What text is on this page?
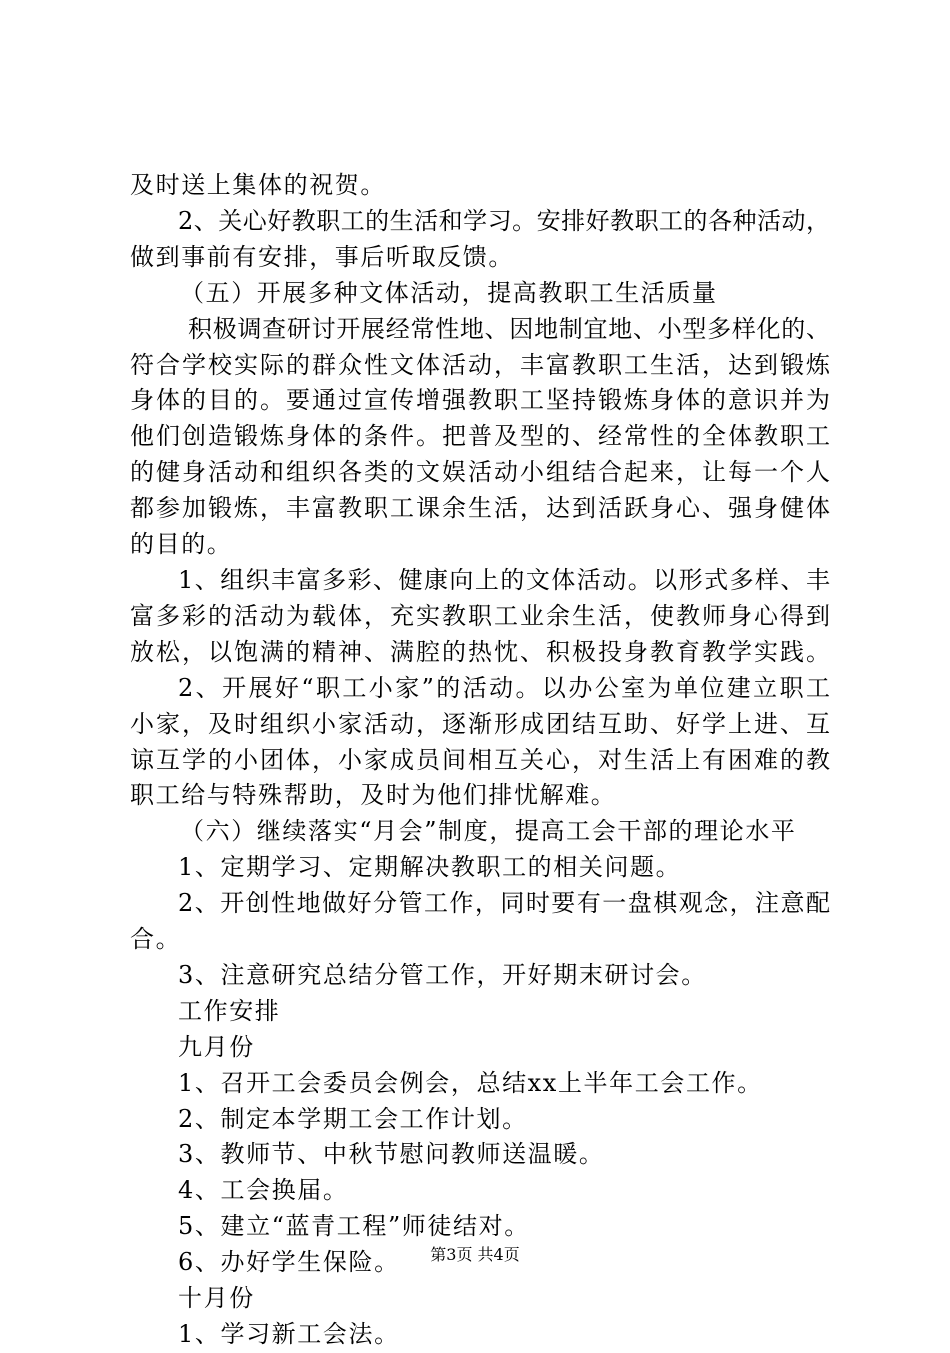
及时送上集体的祝贺。
2、关心好教职工的生活和学习。安排好教职工的各种活动，
做到事前有安排，事后听取反馈。
（五）开展多种文体活动，提高教职工生活质量
积极调查研讨开展经常性地、因地制宜地、小型多样化的、
符合学校实际的群众性文体活动，丰富教职工生活，达到锻炼
身体的目的。要通过宣传增强教职工坚持锻炼身体的意识并为
他们创造锻炼身体的条件。把普及型的、经常性的全体教职工
的健身活动和组织各类的文娱活动小组结合起来，让每一个人
都参加锻炼，丰富教职工课余生活，达到活跃身心、强身健体
的目的。
1、组织丰富多彩、健康向上的文体活动。以形式多样、丰
富多彩的活动为载体，充实教职工业余生活，使教师身心得到
放松，以饱满的精神、满腔的热忱、积极投身教育教学实践。
2、开展好“职工小家”的活动。以办公室为单位建立职工
小家，及时组织小家活动，逐渐形成团结互助、好学上进、互
谅互学的小团体，小家成员间相互关心，对生活上有困难的教
职工给与特殊帮助，及时为他们排忧解难。
（六）继续落实“月会”制度，提高工会干部的理论水平
1、定期学习、定期解决教职工的相关问题。
2、开创性地做好分管工作，同时要有一盘棋观念，注意配
合。
3、注意研究总结分管工作，开好期末研讨会。
工作安排
九月份
1、召开工会委员会例会，总结xx上半年工会工作。
2、制定本学期工会工作计划。
3、教师节、中秋节慰问教师送温暖。
4、工会换届。
5、建立“蓝青工程”师徒结对。
6、办好学生保险。
十月份
1、学习新工会法。
第3页 共4页
